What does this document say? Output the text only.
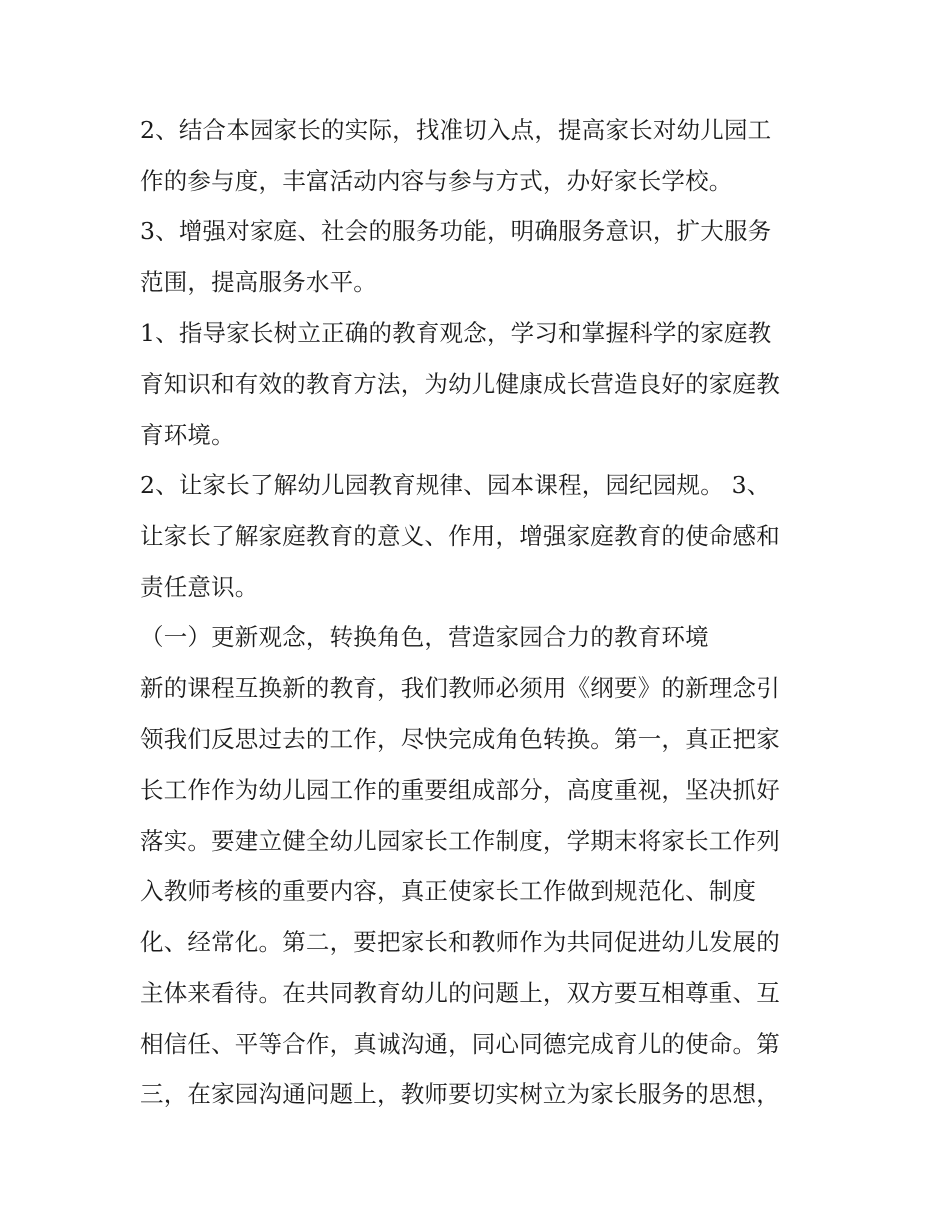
2、结合本园家长的实际，找准切入点，提高家长对幼儿园工
作的参与度，丰富活动内容与参与方式，办好家长学校。
3、增强对家庭、社会的服务功能，明确服务意识，扩大服务
范围，提高服务水平。
1、指导家长树立正确的教育观念，学习和掌握科学的家庭教
育知识和有效的教育方法，为幼儿健康成长营造良好的家庭教
育环境。
2、让家长了解幼儿园教育规律、园本课程，园纪园规。 3、
让家长了解家庭教育的意义、作用，增强家庭教育的使命感和
责任意识。
（一）更新观念，转换角色，营造家园合力的教育环境
新的课程互换新的教育，我们教师必须用《纲要》的新理念引
领我们反思过去的工作，尽快完成角色转换。第一，真正把家
长工作作为幼儿园工作的重要组成部分，高度重视，坚决抓好
落实。要建立健全幼儿园家长工作制度，学期末将家长工作列
入教师考核的重要内容，真正使家长工作做到规范化、制度
化、经常化。第二，要把家长和教师作为共同促进幼儿发展的
主体来看待。在共同教育幼儿的问题上，双方要互相尊重、互
相信任、平等合作，真诚沟通，同心同德完成育儿的使命。第
三，在家园沟通问题上，教师要切实树立为家长服务的思想，
